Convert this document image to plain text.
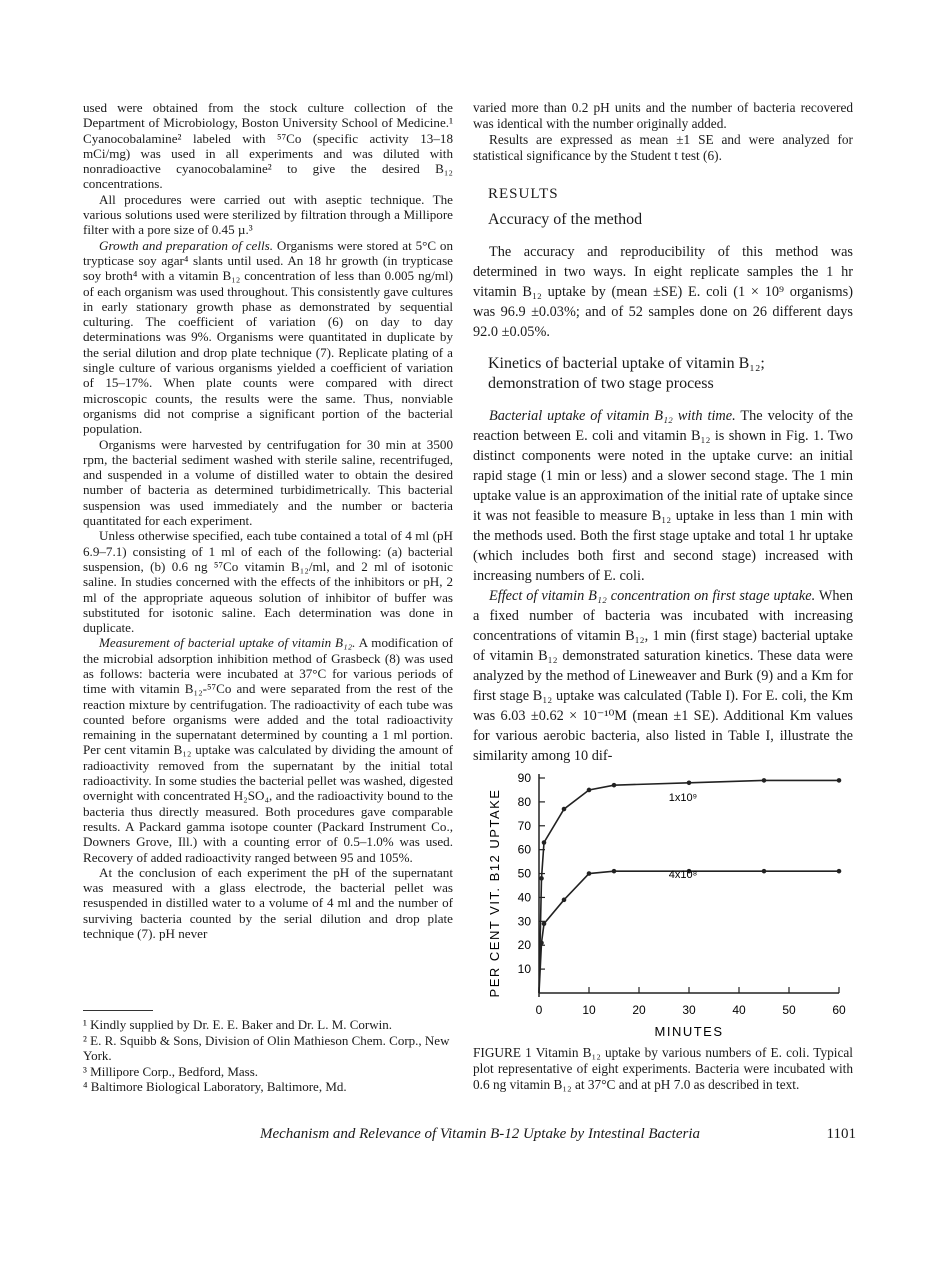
used were obtained from the stock culture collection of the Department of Microbiology, Boston University School of Medicine.¹ Cyanocobalamine² labeled with ⁵⁷Co (specific activity 13–18 mCi/mg) was used in all experiments and was diluted with nonradioactive cyanocobalamine² to give the desired B₁₂ concentrations.

All procedures were carried out with aseptic technique. The various solutions used were sterilized by filtration through a Millipore filter with a pore size of 0.45 µ.³

Growth and preparation of cells. Organisms were stored at 5°C on trypticase soy agar⁴ slants until used. An 18 hr growth (in trypticase soy broth⁴ with a vitamin B₁₂ concentration of less than 0.005 ng/ml) of each organism was used throughout. This consistently gave cultures in early stationary growth phase as demonstrated by sequential culturing. The coefficient of variation (6) on day to day determinations was 9%. Organisms were quantitated in duplicate by the serial dilution and drop plate technique (7). Replicate plating of a single culture of various organisms yielded a coefficient of variation of 15–17%. When plate counts were compared with direct microscopic counts, the results were the same. Thus, nonviable organisms did not comprise a significant portion of the bacterial population.

Organisms were harvested by centrifugation for 30 min at 3500 rpm, the bacterial sediment washed with sterile saline, recentrifuged, and suspended in a volume of distilled water to obtain the desired number of bacteria as determined turbidimetrically. This bacterial suspension was used immediately and the number or bacteria quantitated for each experiment.

Unless otherwise specified, each tube contained a total of 4 ml (pH 6.9–7.1) consisting of 1 ml of each of the following: (a) bacterial suspension, (b) 0.6 ng ⁵⁷Co vitamin B₁₂/ml, and 2 ml of isotonic saline. In studies concerned with the effects of the inhibitors or pH, 2 ml of the appropriate aqueous solution of inhibitor of buffer was substituted for isotonic saline. Each determination was done in duplicate.

Measurement of bacterial uptake of vitamin B₁₂. A modification of the microbial adsorption inhibition method of Grasbeck (8) was used as follows: bacteria were incubated at 37°C for various periods of time with vitamin B₁₂-⁵⁷Co and were separated from the rest of the reaction mixture by centrifugation. The radioactivity of each tube was counted before organisms were added and the total radioactivity remaining in the supernatant determined by counting a 1 ml portion. Per cent vitamin B₁₂ uptake was calculated by dividing the amount of radioactivity removed from the supernatant by the initial total radioactivity. In some studies the bacterial pellet was washed, digested overnight with concentrated H₂SO₄, and the radioactivity bound to the bacteria thus directly measured. Both procedures gave comparable results. A Packard gamma isotope counter (Packard Instrument Co., Downers Grove, Ill.) with a counting error of 0.5–1.0% was used. Recovery of added radioactivity ranged between 95 and 105%.

At the conclusion of each experiment the pH of the supernatant was measured with a glass electrode, the bacterial pellet was resuspended in distilled water to a volume of 4 ml and the number of surviving bacteria counted by the serial dilution and drop plate technique (7). pH never

¹ Kindly supplied by Dr. E. E. Baker and Dr. L. M. Corwin.

² E. R. Squibb & Sons, Division of Olin Mathieson Chem. Corp., New York.

³ Millipore Corp., Bedford, Mass.

⁴ Baltimore Biological Laboratory, Baltimore, Md.

varied more than 0.2 pH units and the number of bacteria recovered was identical with the number originally added.

Results are expressed as mean ±1 SE and were analyzed for statistical significance by the Student t test (6).

RESULTS
Accuracy of the method

The accuracy and reproducibility of this method was determined in two ways. In eight replicate samples the 1 hr vitamin B₁₂ uptake by (mean ±SE) E. coli (1 × 10⁹ organisms) was 96.9 ±0.03%; and of 52 samples done on 26 different days 92.0 ±0.05%.

Kinetics of bacterial uptake of vitamin B₁₂; demonstration of two stage process

Bacterial uptake of vitamin B₁₂ with time. The velocity of the reaction between E. coli and vitamin B₁₂ is shown in Fig. 1. Two distinct components were noted in the uptake curve: an initial rapid stage (1 min or less) and a slower second stage. The 1 min uptake value is an approximation of the initial rate of uptake since it was not feasible to measure B₁₂ uptake in less than 1 min with the methods used. Both the first stage uptake and total 1 hr uptake (which includes both first and second stage) increased with increasing numbers of E. coli.

Effect of vitamin B₁₂ concentration on first stage uptake. When a fixed number of bacteria was incubated with increasing concentrations of vitamin B₁₂, 1 min (first stage) bacterial uptake of vitamin B₁₂ demonstrated saturation kinetics. These data were analyzed by the method of Lineweaver and Burk (9) and a Km for first stage B₁₂ uptake was calculated (Table I). For E. coli, the Km was 6.03 ±0.62 × 10⁻¹⁰M (mean ±1 SE). Additional Km values for various aerobic bacteria, also listed in Table I, illustrate the similarity among 10 dif-

10
20
30
40
50
60
70
80
90
0	10	20	30	40	50	60
1x10⁹
4x10⁸
PER CENT VIT. B12 UPTAKE
MINUTES
FIGURE 1 Vitamin B₁₂ uptake by various numbers of E. coli. Typical plot representative of eight experiments. Bacteria were incubated with 0.6 ng vitamin B₁₂ at 37°C and at pH 7.0 as described in text.
Mechanism and Relevance of Vitamin B-12 Uptake by Intestinal Bacteria	1101
